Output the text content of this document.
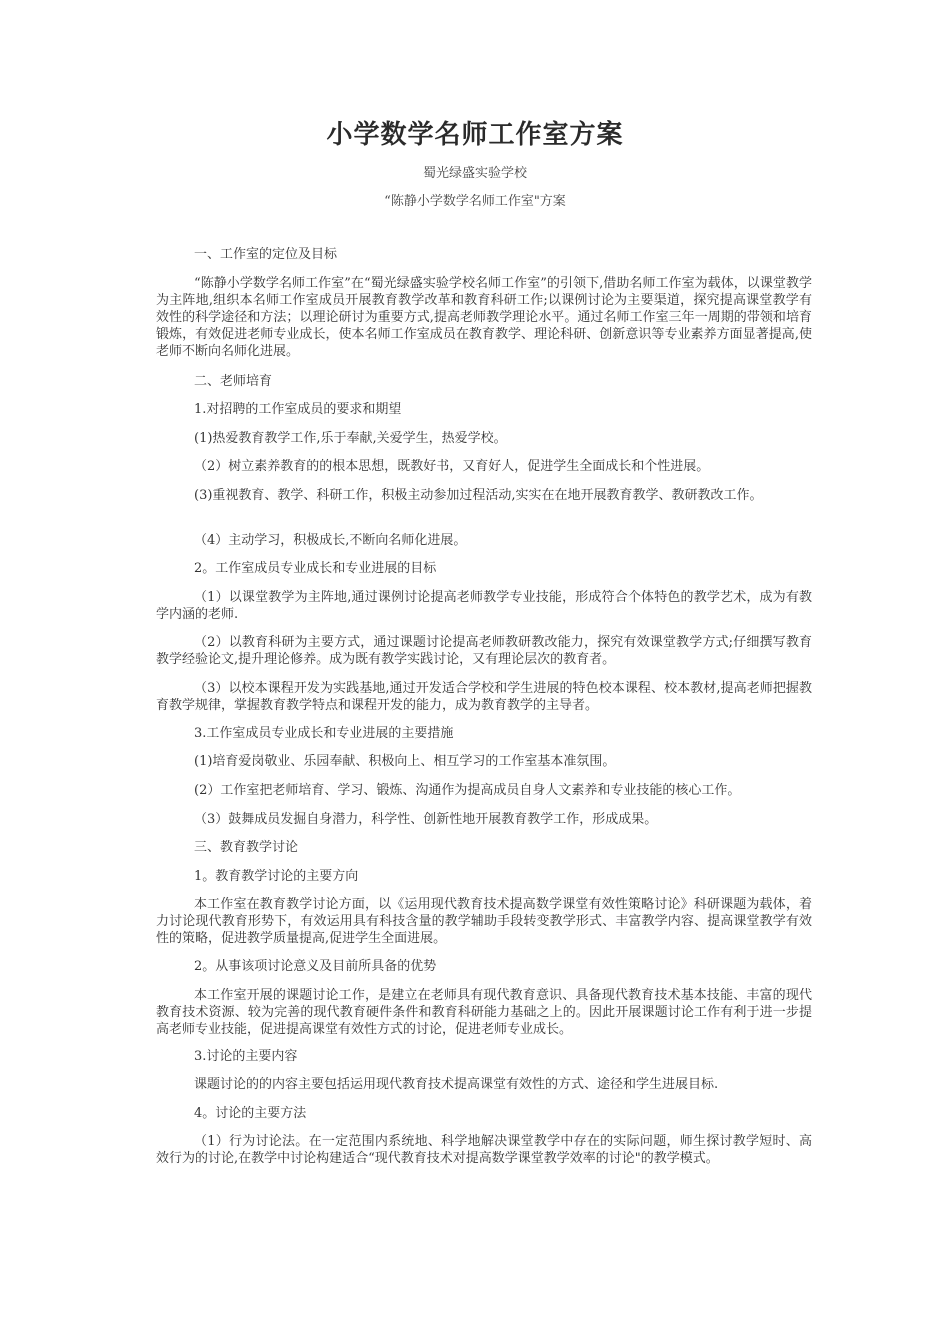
小学数学名师工作室方案
蜀光绿盛实验学校
“陈静小学数学名师工作室"方案
一、工作室的定位及目标
“陈静小学数学名师工作室”在“蜀光绿盛实验学校名师工作室”的引领下,借助名师工作室为载体，以课堂教学为主阵地,组织本名师工作室成员开展教育教学改革和教育科研工作;以课例讨论为主要渠道，探究提高课堂教学有效性的科学途径和方法；以理论研讨为重要方式,提高老师教学理论水平。通过名师工作室三年一周期的带领和培育锻炼，有效促进老师专业成长，使本名师工作室成员在教育教学、理论科研、创新意识等专业素养方面显著提高,使老师不断向名师化进展。
二、老师培育
1.对招聘的工作室成员的要求和期望
(1)热爱教育教学工作,乐于奉献,关爱学生，热爱学校。
（2）树立素养教育的的根本思想，既教好书，又育好人，促进学生全面成长和个性进展。
(3)重视教育、教学、科研工作，积极主动参加过程活动,实实在在地开展教育教学、教研教改工作。
（4）主动学习，积极成长,不断向名师化进展。
2。工作室成员专业成长和专业进展的目标
（1）以课堂教学为主阵地,通过课例讨论提高老师教学专业技能，形成符合个体特色的教学艺术，成为有教学内涵的老师.
（2）以教育科研为主要方式，通过课题讨论提高老师教研教改能力，探究有效课堂教学方式;仔细撰写教育教学经验论文,提升理论修养。成为既有教学实践讨论，又有理论层次的教育者。
（3）以校本课程开发为实践基地,通过开发适合学校和学生进展的特色校本课程、校本教材,提高老师把握教育教学规律，掌握教育教学特点和课程开发的能力，成为教育教学的主导者。
3.工作室成员专业成长和专业进展的主要措施
(1)培育爱岗敬业、乐园奉献、积极向上、相互学习的工作室基本准氛围。
(2）工作室把老师培育、学习、锻炼、沟通作为提高成员自身人文素养和专业技能的核心工作。
（3）鼓舞成员发掘自身潜力，科学性、创新性地开展教育教学工作，形成成果。
三、教育教学讨论
1。教育教学讨论的主要方向
本工作室在教育教学讨论方面，以《运用现代教育技术提高数学课堂有效性策略讨论》科研课题为载体，着力讨论现代教育形势下，有效运用具有科技含量的教学辅助手段转变教学形式、丰富教学内容、提高课堂教学有效性的策略，促进教学质量提高,促进学生全面进展。
2。从事该项讨论意义及目前所具备的优势
本工作室开展的课题讨论工作，是建立在老师具有现代教育意识、具备现代教育技术基本技能、丰富的现代教育技术资源、较为完善的现代教育硬件条件和教育科研能力基础之上的。因此开展课题讨论工作有利于进一步提高老师专业技能，促进提高课堂有效性方式的讨论，促进老师专业成长。
3.讨论的主要内容
课题讨论的的内容主要包括运用现代教育技术提高课堂有效性的方式、途径和学生进展目标.
4。讨论的主要方法
（1）行为讨论法。在一定范围内系统地、科学地解决课堂教学中存在的实际问题，师生探讨教学短时、高效行为的讨论,在教学中讨论构建适合“现代教育技术对提高数学课堂教学效率的讨论"的教学模式。
